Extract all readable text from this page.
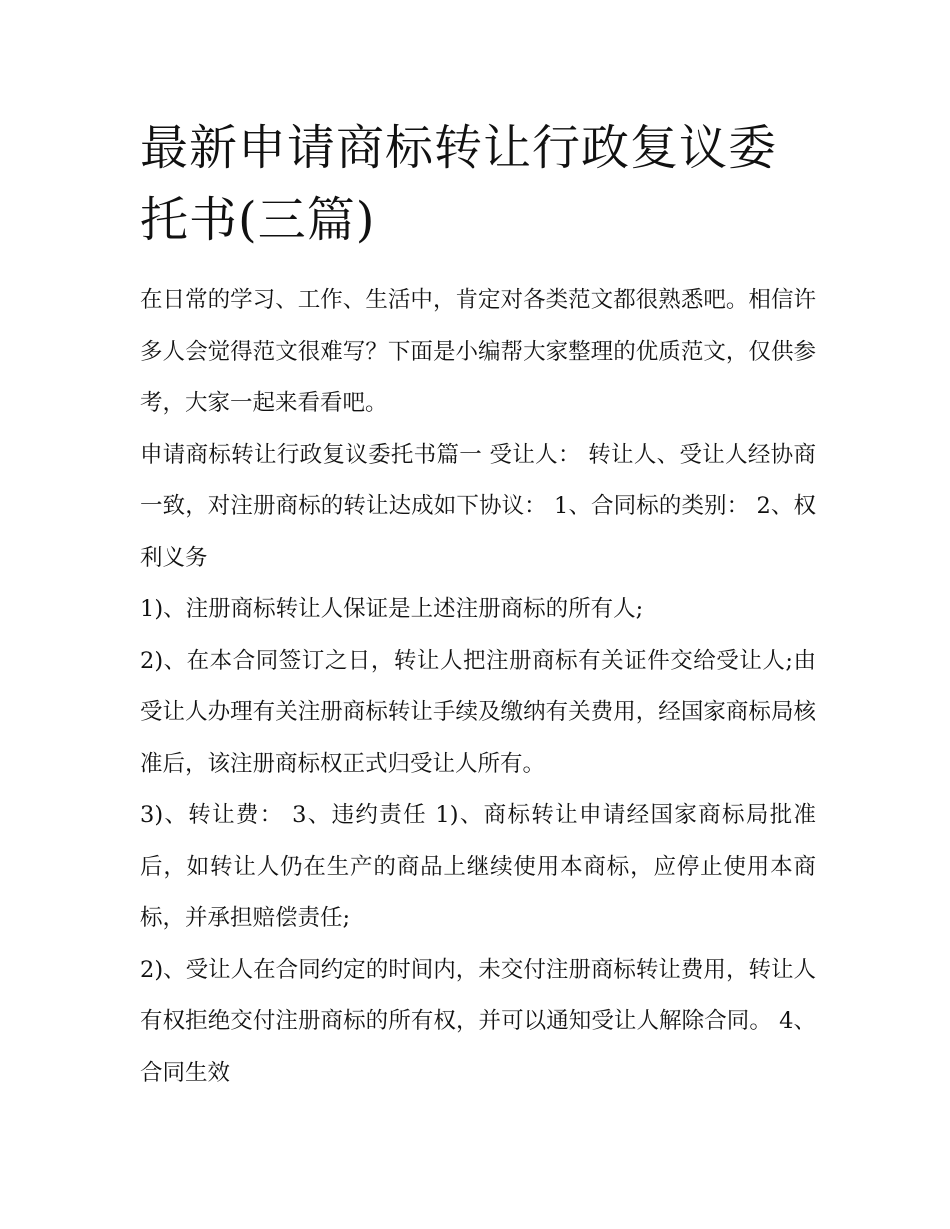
最新申请商标转让行政复议委托书(三篇)

在日常的学习、工作、生活中，肯定对各类范文都很熟悉吧。相信许多人会觉得范文很难写？下面是小编帮大家整理的优质范文，仅供参考，大家一起来看看吧。

申请商标转让行政复议委托书篇一 受让人： 转让人、受让人经协商一致，对注册商标的转让达成如下协议： 1、合同标的类别： 2、权利义务

1)、注册商标转让人保证是上述注册商标的所有人;

2)、在本合同签订之日，转让人把注册商标有关证件交给受让人;由受让人办理有关注册商标转让手续及缴纳有关费用，经国家商标局核准后，该注册商标权正式归受让人所有。

3)、转让费： 3、违约责任 1)、商标转让申请经国家商标局批准后，如转让人仍在生产的商品上继续使用本商标，应停止使用本商标，并承担赔偿责任;

2)、受让人在合同约定的时间内，未交付注册商标转让费用，转让人有权拒绝交付注册商标的所有权，并可以通知受让人解除合同。 4、合同生效
